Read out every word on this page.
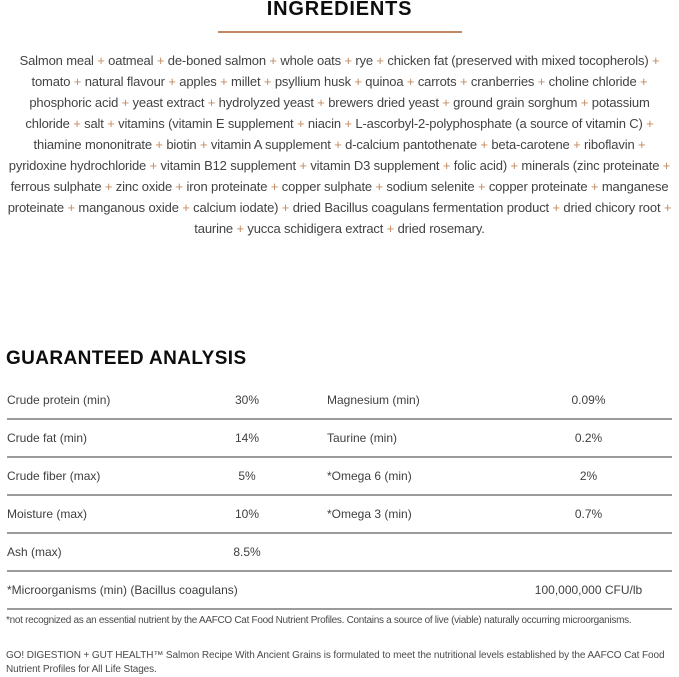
INGREDIENTS

Salmon meal + oatmeal + de-boned salmon + whole oats + rye + chicken fat (preserved with mixed tocopherols) + tomato + natural flavour + apples + millet + psyllium husk + quinoa + carrots + cranberries + choline chloride + phosphoric acid + yeast extract + hydrolyzed yeast + brewers dried yeast + ground grain sorghum + potassium chloride + salt + vitamins (vitamin E supplement + niacin + L-ascorbyl-2-polyphosphate (a source of vitamin C) + thiamine mononitrate + biotin + vitamin A supplement + d-calcium pantothenate + beta-carotene + riboflavin + pyridoxine hydrochloride + vitamin B12 supplement + vitamin D3 supplement + folic acid) + minerals (zinc proteinate + ferrous sulphate + zinc oxide + iron proteinate + copper sulphate + sodium selenite + copper proteinate + manganese proteinate + manganous oxide + calcium iodate) + dried Bacillus coagulans fermentation product + dried chicory root + taurine + yucca schidigera extract + dried rosemary.

GUARANTEED ANALYSIS
Crude protein (min)	30%	Magnesium (min)	0.09%
Crude fat (min)	14%	Taurine (min)	0.2%
Crude fiber (max)	5%	*Omega 6 (min)	2%
Moisture (max)	10%	*Omega 3 (min)	0.7%
Ash (max)	8.5%
*Microorganisms (min) (Bacillus coagulans)	100,000,000 CFU/lb

*not recognized as an essential nutrient by the AAFCO Cat Food Nutrient Profiles. Contains a source of live (viable) naturally occurring microorganisms.

GO! DIGESTION + GUT HEALTH™ Salmon Recipe With Ancient Grains is formulated to meet the nutritional levels established by the AAFCO Cat Food Nutrient Profiles for All Life Stages.
